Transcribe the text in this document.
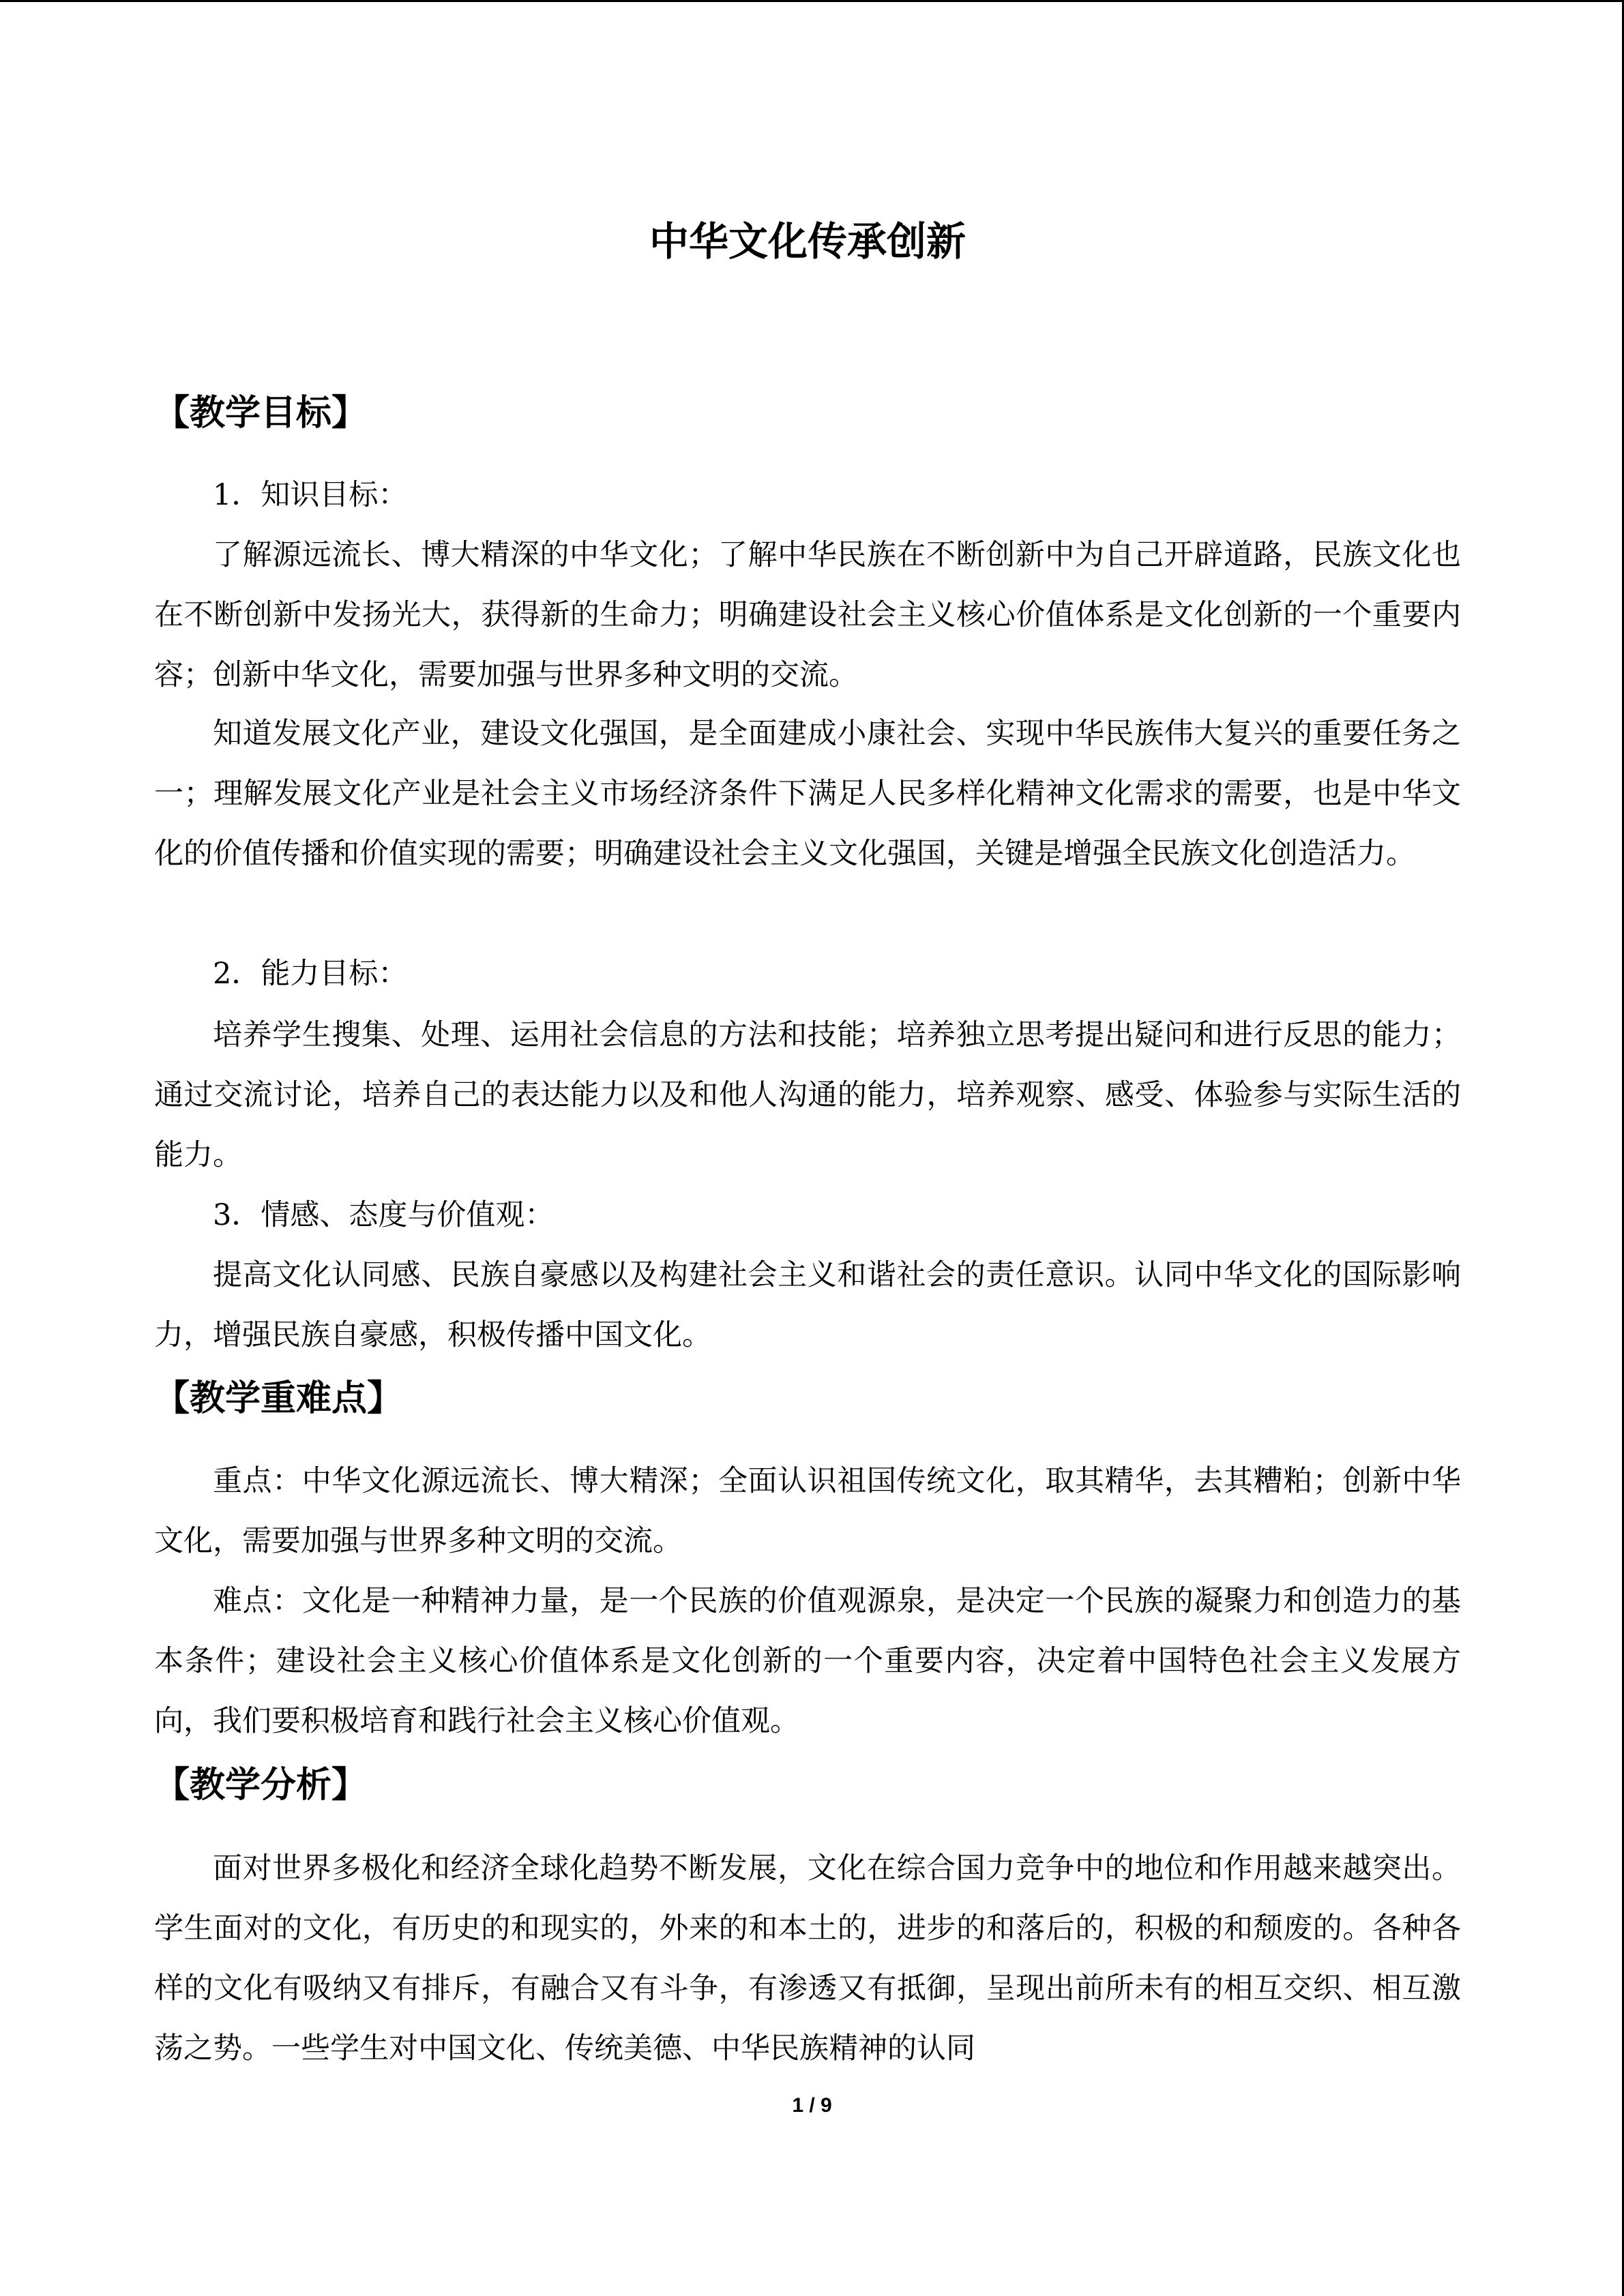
中华文化传承创新
【教学目标】

1．知识目标：

了解源远流长、博大精深的中华文化；了解中华民族在不断创新中为自己开辟道路，民族文化也在不断创新中发扬光大，获得新的生命力；明确建设社会主义核心价值体系是文化创新的一个重要内容；创新中华文化，需要加强与世界多种文明的交流。

知道发展文化产业，建设文化强国，是全面建成小康社会、实现中华民族伟大复兴的重要任务之一；理解发展文化产业是社会主义市场经济条件下满足人民多样化精神文化需求的需要，也是中华文化的价值传播和价值实现的需要；明确建设社会主义文化强国，关键是增强全民族文化创造活力。

2．能力目标：

培养学生搜集、处理、运用社会信息的方法和技能；培养独立思考提出疑问和进行反思的能力；通过交流讨论，培养自己的表达能力以及和他人沟通的能力，培养观察、感受、体验参与实际生活的能力。

3．情感、态度与价值观：

提高文化认同感、民族自豪感以及构建社会主义和谐社会的责任意识。认同中华文化的国际影响力，增强民族自豪感，积极传播中国文化。

【教学重难点】

重点：中华文化源远流长、博大精深；全面认识祖国传统文化，取其精华，去其糟粕；创新中华文化，需要加强与世界多种文明的交流。

难点：文化是一种精神力量，是一个民族的价值观源泉，是决定一个民族的凝聚力和创造力的基本条件；建设社会主义核心价值体系是文化创新的一个重要内容，决定着中国特色社会主义发展方向，我们要积极培育和践行社会主义核心价值观。

【教学分析】

面对世界多极化和经济全球化趋势不断发展，文化在综合国力竞争中的地位和作用越来越突出。学生面对的文化，有历史的和现实的，外来的和本土的，进步的和落后的，积极的和颓废的。各种各样的文化有吸纳又有排斥，有融合又有斗争，有渗透又有抵御，呈现出前所未有的相互交织、相互激荡之势。一些学生对中国文化、传统美德、中华民族精神的认同

1 / 9
